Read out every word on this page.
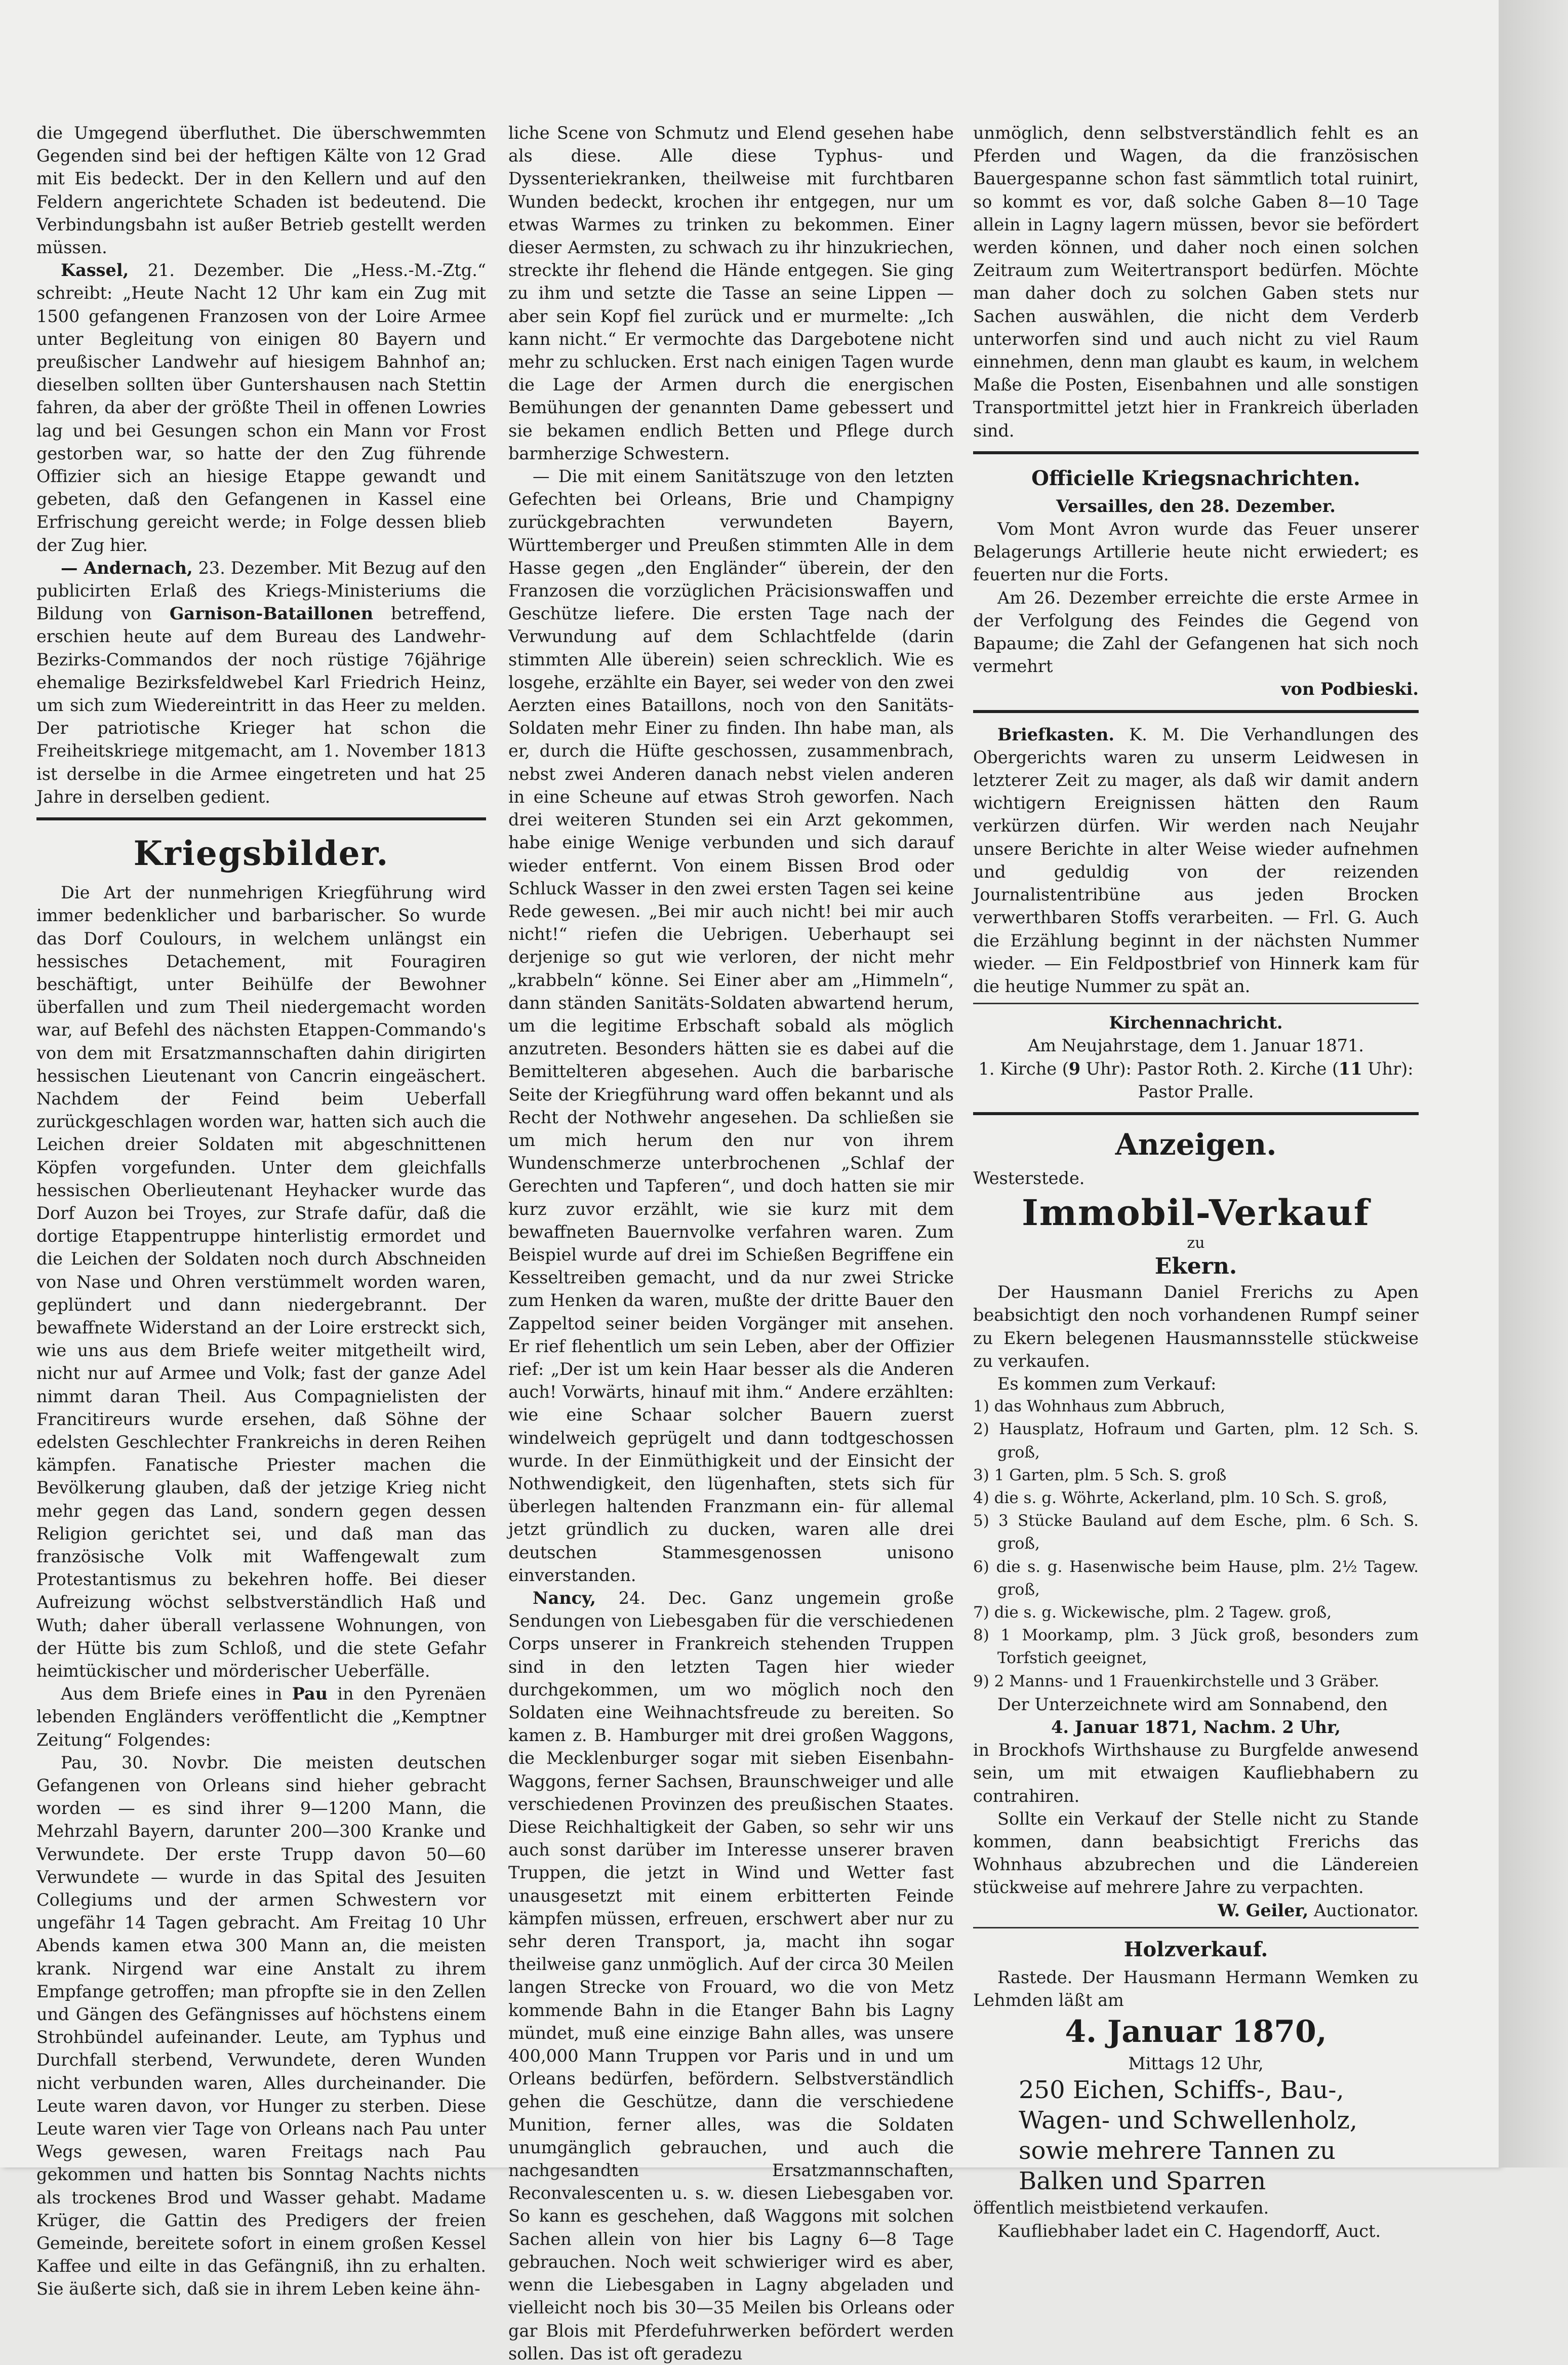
die Umgegend überfluthet. Die überschwemmten Gegenden sind bei der heftigen Kälte von 12 Grad mit Eis bedeckt. Der in den Kellern und auf den Feldern angerichtete Schaden ist bedeutend. Die Verbindungsbahn ist außer Betrieb gestellt werden müssen.

Kassel, 21. Dezember. Die „Hess.-M.-Ztg.“ schreibt: „Heute Nacht 12 Uhr kam ein Zug mit 1500 gefangenen Franzosen von der Loire Armee unter Begleitung von einigen 80 Bayern und preußischer Landwehr auf hiesigem Bahnhof an; dieselben sollten über Guntershausen nach Stettin fahren, da aber der größte Theil in offenen Lowries lag und bei Gesungen schon ein Mann vor Frost gestorben war, so hatte der den Zug führende Offizier sich an hiesige Etappe gewandt und gebeten, daß den Gefangenen in Kassel eine Erfrischung gereicht werde; in Folge dessen blieb der Zug hier.

— Andernach, 23. Dezember. Mit Bezug auf den publicirten Erlaß des Kriegs-Ministeriums die Bildung von Garnison-Bataillonen betreffend, erschien heute auf dem Bureau des Landwehr-Bezirks-Commandos der noch rüstige 76jährige ehemalige Bezirksfeldwebel Karl Friedrich Heinz, um sich zum Wiedereintritt in das Heer zu melden. Der patriotische Krieger hat schon die Freiheitskriege mitgemacht, am 1. November 1813 ist derselbe in die Armee eingetreten und hat 25 Jahre in derselben gedient.

Kriegsbilder.

Die Art der nunmehrigen Kriegführung wird immer bedenklicher und barbarischer. So wurde das Dorf Coulours, in welchem unlängst ein hessisches Detachement, mit Fouragiren beschäftigt, unter Beihülfe der Bewohner überfallen und zum Theil niedergemacht worden war, auf Befehl des nächsten Etappen-Commando's von dem mit Ersatzmannschaften dahin dirigirten hessischen Lieutenant von Cancrin eingeäschert. Nachdem der Feind beim Ueberfall zurückgeschlagen worden war, hatten sich auch die Leichen dreier Soldaten mit abgeschnittenen Köpfen vorgefunden. Unter dem gleichfalls hessischen Oberlieutenant Heyhacker wurde das Dorf Auzon bei Troyes, zur Strafe dafür, daß die dortige Etappentruppe hinterlistig ermordet und die Leichen der Soldaten noch durch Abschneiden von Nase und Ohren verstümmelt worden waren, geplündert und dann niedergebrannt. Der bewaffnete Widerstand an der Loire erstreckt sich, wie uns aus dem Briefe weiter mitgetheilt wird, nicht nur auf Armee und Volk; fast der ganze Adel nimmt daran Theil. Aus Compagnielisten der Francitireurs wurde ersehen, daß Söhne der edelsten Geschlechter Frankreichs in deren Reihen kämpfen. Fanatische Priester machen die Bevölkerung glauben, daß der jetzige Krieg nicht mehr gegen das Land, sondern gegen dessen Religion gerichtet sei, und daß man das französische Volk mit Waffengewalt zum Protestantismus zu bekehren hoffe. Bei dieser Aufreizung wöchst selbstverständlich Haß und Wuth; daher überall verlassene Wohnungen, von der Hütte bis zum Schloß, und die stete Gefahr heimtückischer und mörderischer Ueberfälle.

Aus dem Briefe eines in Pau in den Pyrenäen lebenden Engländers veröffentlicht die „Kemptner Zeitung“ Folgendes:

Pau, 30. Novbr. Die meisten deutschen Gefangenen von Orleans sind hieher gebracht worden — es sind ihrer 9—1200 Mann, die Mehrzahl Bayern, darunter 200—300 Kranke und Verwundete. Der erste Trupp davon 50—60 Verwundete — wurde in das Spital des Jesuiten Collegiums und der armen Schwestern vor ungefähr 14 Tagen gebracht. Am Freitag 10 Uhr Abends kamen etwa 300 Mann an, die meisten krank. Nirgend war eine Anstalt zu ihrem Empfange getroffen; man pfropfte sie in den Zellen und Gängen des Gefängnisses auf höchstens einem Strohbündel aufeinander. Leute, am Typhus und Durchfall sterbend, Verwundete, deren Wunden nicht verbunden waren, Alles durcheinander. Die Leute waren davon, vor Hunger zu sterben. Diese Leute waren vier Tage von Orleans nach Pau unter Wegs gewesen, waren Freitags nach Pau gekommen und hatten bis Sonntag Nachts nichts als trockenes Brod und Wasser gehabt. Madame Krüger, die Gattin des Predigers der freien Gemeinde, bereitete sofort in einem großen Kessel Kaffee und eilte in das Gefängniß, ihn zu erhalten. Sie äußerte sich, daß sie in ihrem Leben keine ähn-

liche Scene von Schmutz und Elend gesehen habe als diese. Alle diese Typhus- und Dyssenteriekranken, theilweise mit furchtbaren Wunden bedeckt, krochen ihr entgegen, nur um etwas Warmes zu trinken zu bekommen. Einer dieser Aermsten, zu schwach zu ihr hinzukriechen, streckte ihr flehend die Hände entgegen. Sie ging zu ihm und setzte die Tasse an seine Lippen — aber sein Kopf fiel zurück und er murmelte: „Ich kann nicht.“ Er vermochte das Dargebotene nicht mehr zu schlucken. Erst nach einigen Tagen wurde die Lage der Armen durch die energischen Bemühungen der genannten Dame gebessert und sie bekamen endlich Betten und Pflege durch barmherzige Schwestern.

— Die mit einem Sanitätszuge von den letzten Gefechten bei Orleans, Brie und Champigny zurückgebrachten verwundeten Bayern, Württemberger und Preußen stimmten Alle in dem Hasse gegen „den Engländer“ überein, der den Franzosen die vorzüglichen Präcisionswaffen und Geschütze liefere. Die ersten Tage nach der Verwundung auf dem Schlachtfelde (darin stimmten Alle überein) seien schrecklich. Wie es losgehe, erzählte ein Bayer, sei weder von den zwei Aerzten eines Bataillons, noch von den Sanitäts-Soldaten mehr Einer zu finden. Ihn habe man, als er, durch die Hüfte geschossen, zusammenbrach, nebst zwei Anderen danach nebst vielen anderen in eine Scheune auf etwas Stroh geworfen. Nach drei weiteren Stunden sei ein Arzt gekommen, habe einige Wenige verbunden und sich darauf wieder entfernt. Von einem Bissen Brod oder Schluck Wasser in den zwei ersten Tagen sei keine Rede gewesen. „Bei mir auch nicht! bei mir auch nicht!“ riefen die Uebrigen. Ueberhaupt sei derjenige so gut wie verloren, der nicht mehr „krabbeln“ könne. Sei Einer aber am „Himmeln“, dann ständen Sanitäts-Soldaten abwartend herum, um die legitime Erbschaft sobald als möglich anzutreten. Besonders hätten sie es dabei auf die Bemittelteren abgesehen. Auch die barbarische Seite der Kriegführung ward offen bekannt und als Recht der Nothwehr angesehen. Da schließen sie um mich herum den nur von ihrem Wundenschmerze unterbrochenen „Schlaf der Gerechten und Tapferen“, und doch hatten sie mir kurz zuvor erzählt, wie sie kurz mit dem bewaffneten Bauernvolke verfahren waren. Zum Beispiel wurde auf drei im Schießen Begriffene ein Kesseltreiben gemacht, und da nur zwei Stricke zum Henken da waren, mußte der dritte Bauer den Zappeltod seiner beiden Vorgänger mit ansehen. Er rief flehentlich um sein Leben, aber der Offizier rief: „Der ist um kein Haar besser als die Anderen auch! Vorwärts, hinauf mit ihm.“ Andere erzählten: wie eine Schaar solcher Bauern zuerst windelweich geprügelt und dann todtgeschossen wurde. In der Einmüthigkeit und der Einsicht der Nothwendigkeit, den lügenhaften, stets sich für überlegen haltenden Franzmann ein- für allemal jetzt gründlich zu ducken, waren alle drei deutschen Stammesgenossen unisono einverstanden.

Nancy, 24. Dec. Ganz ungemein große Sendungen von Liebesgaben für die verschiedenen Corps unserer in Frankreich stehenden Truppen sind in den letzten Tagen hier wieder durchgekommen, um wo möglich noch den Soldaten eine Weihnachtsfreude zu bereiten. So kamen z. B. Hamburger mit drei großen Waggons, die Mecklenburger sogar mit sieben Eisenbahn-Waggons, ferner Sachsen, Braunschweiger und alle verschiedenen Provinzen des preußischen Staates. Diese Reichhaltigkeit der Gaben, so sehr wir uns auch sonst darüber im Interesse unserer braven Truppen, die jetzt in Wind und Wetter fast unausgesetzt mit einem erbitterten Feinde kämpfen müssen, erfreuen, erschwert aber nur zu sehr deren Transport, ja, macht ihn sogar theilweise ganz unmöglich. Auf der circa 30 Meilen langen Strecke von Frouard, wo die von Metz kommende Bahn in die Etanger Bahn bis Lagny mündet, muß eine einzige Bahn alles, was unsere 400,000 Mann Truppen vor Paris und in und um Orleans bedürfen, befördern. Selbstverständlich gehen die Geschütze, dann die verschiedene Munition, ferner alles, was die Soldaten unumgänglich gebrauchen, und auch die nachgesandten Ersatzmannschaften, Reconvalescenten u. s. w. diesen Liebesgaben vor. So kann es geschehen, daß Waggons mit solchen Sachen allein von hier bis Lagny 6—8 Tage gebrauchen. Noch weit schwieriger wird es aber, wenn die Liebesgaben in Lagny abgeladen und vielleicht noch bis 30—35 Meilen bis Orleans oder gar Blois mit Pferdefuhrwerken befördert werden sollen. Das ist oft geradezu

unmöglich, denn selbstverständlich fehlt es an Pferden und Wagen, da die französischen Bauergespanne schon fast sämmtlich total ruinirt, so kommt es vor, daß solche Gaben 8—10 Tage allein in Lagny lagern müssen, bevor sie befördert werden können, und daher noch einen solchen Zeitraum zum Weitertransport bedürfen. Möchte man daher doch zu solchen Gaben stets nur Sachen auswählen, die nicht dem Verderb unterworfen sind und auch nicht zu viel Raum einnehmen, denn man glaubt es kaum, in welchem Maße die Posten, Eisenbahnen und alle sonstigen Transportmittel jetzt hier in Frankreich überladen sind.

Officielle Kriegsnachrichten.

Versailles, den 28. Dezember.

Vom Mont Avron wurde das Feuer unserer Belagerungs Artillerie heute nicht erwiedert; es feuerten nur die Forts.

Am 26. Dezember erreichte die erste Armee in der Verfolgung des Feindes die Gegend von Bapaume; die Zahl der Gefangenen hat sich noch vermehrt

von Podbieski.

Briefkasten. K. M. Die Verhandlungen des Obergerichts waren zu unserm Leidwesen in letzterer Zeit zu mager, als daß wir damit andern wichtigern Ereignissen hätten den Raum verkürzen dürfen. Wir werden nach Neujahr unsere Berichte in alter Weise wieder aufnehmen und geduldig von der reizenden Journalistentribüne aus jeden Brocken verwerthbaren Stoffs verarbeiten. — Frl. G. Auch die Erzählung beginnt in der nächsten Nummer wieder. — Ein Feldpostbrief von Hinnerk kam für die heutige Nummer zu spät an.

Kirchennachricht.

Am Neujahrstage, dem 1. Januar 1871.

1. Kirche (9 Uhr): Pastor Roth. 2. Kirche (11 Uhr): Pastor Pralle.

Anzeigen.

Westerstede.

Immobil-Verkauf
zu
Ekern.

Der Hausmann Daniel Frerichs zu Apen beabsichtigt den noch vorhandenen Rumpf seiner zu Ekern belegenen Hausmannsstelle stückweise zu verkaufen.

Es kommen zum Verkauf:

1) das Wohnhaus zum Abbruch,

2) Hausplatz, Hofraum und Garten, plm. 12 Sch. S. groß,

3) 1 Garten, plm. 5 Sch. S. groß

4) die s. g. Wöhrte, Ackerland, plm. 10 Sch. S. groß,

5) 3 Stücke Bauland auf dem Esche, plm. 6 Sch. S. groß,

6) die s. g. Hasenwische beim Hause, plm. 2½ Tagew. groß,

7) die s. g. Wickewische, plm. 2 Tagew. groß,

8) 1 Moorkamp, plm. 3 Jück groß, besonders zum Torfstich geeignet,

9) 2 Manns- und 1 Frauenkirchstelle und 3 Gräber.

Der Unterzeichnete wird am Sonnabend, den

4. Januar 1871, Nachm. 2 Uhr,

in Brockhofs Wirthshause zu Burgfelde anwesend sein, um mit etwaigen Kaufliebhabern zu contrahiren.

Sollte ein Verkauf der Stelle nicht zu Stande kommen, dann beabsichtigt Frerichs das Wohnhaus abzubrechen und die Ländereien stückweise auf mehrere Jahre zu verpachten.

W. Geiler, Auctionator.

Holzverkauf.

Rastede. Der Hausmann Hermann Wemken zu Lehmden läßt am

4. Januar 1870,

Mittags 12 Uhr,

250 Eichen, Schiffs-, Bau-, Wagen- und Schwellenholz, sowie mehrere Tannen zu Balken und Sparren

öffentlich meistbietend verkaufen.

Kaufliebhaber ladet ein C. Hagendorff, Auct.
